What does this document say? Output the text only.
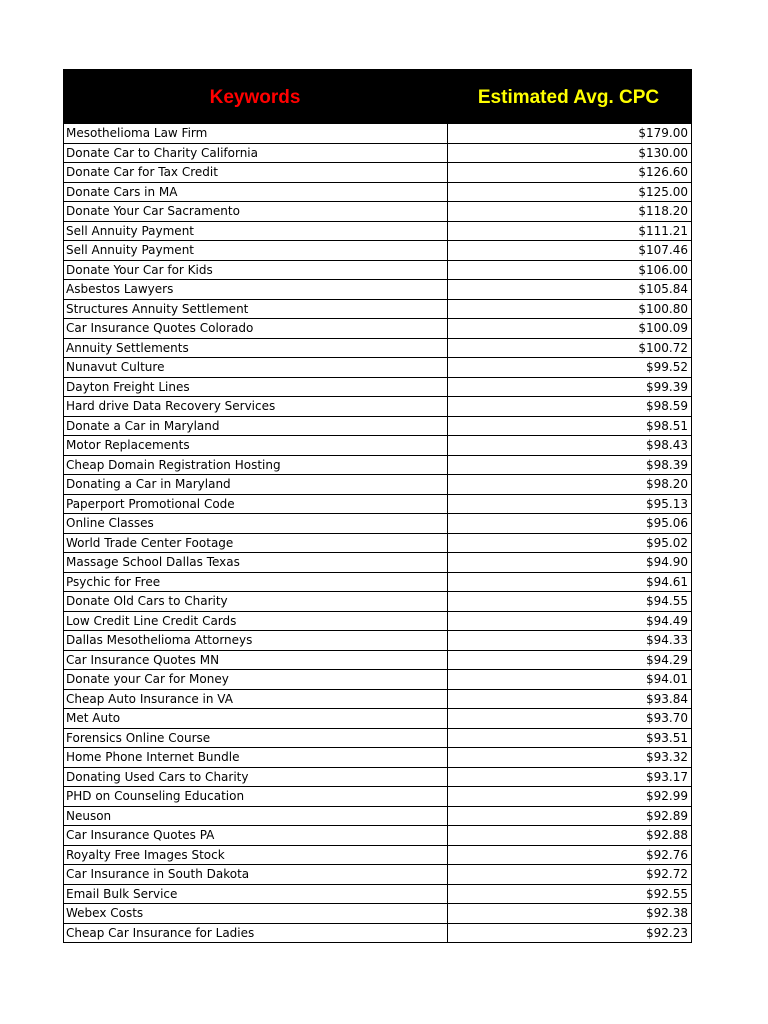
Keywords	Estimated Avg. CPC
Mesothelioma Law Firm	$179.00
Donate Car to Charity California	$130.00
Donate Car for Tax Credit	$126.60
Donate Cars in MA	$125.00
Donate Your Car Sacramento	$118.20
Sell Annuity Payment	$111.21
Sell Annuity Payment	$107.46
Donate Your Car for Kids	$106.00
Asbestos Lawyers	$105.84
Structures Annuity Settlement	$100.80
Car Insurance Quotes Colorado	$100.09
Annuity Settlements	$100.72
Nunavut Culture	$99.52
Dayton Freight Lines	$99.39
Hard drive Data Recovery Services	$98.59
Donate a Car in Maryland	$98.51
Motor Replacements	$98.43
Cheap Domain Registration Hosting	$98.39
Donating a Car in Maryland	$98.20
Paperport Promotional Code	$95.13
Online Classes	$95.06
World Trade Center Footage	$95.02
Massage School Dallas Texas	$94.90
Psychic for Free	$94.61
Donate Old Cars to Charity	$94.55
Low Credit Line Credit Cards	$94.49
Dallas Mesothelioma Attorneys	$94.33
Car Insurance Quotes MN	$94.29
Donate your Car for Money	$94.01
Cheap Auto Insurance in VA	$93.84
Met Auto	$93.70
Forensics Online Course	$93.51
Home Phone Internet Bundle	$93.32
Donating Used Cars to Charity	$93.17
PHD on Counseling Education	$92.99
Neuson	$92.89
Car Insurance Quotes PA	$92.88
Royalty Free Images Stock	$92.76
Car Insurance in South Dakota	$92.72
Email Bulk Service	$92.55
Webex Costs	$92.38
Cheap Car Insurance for Ladies	$92.23
